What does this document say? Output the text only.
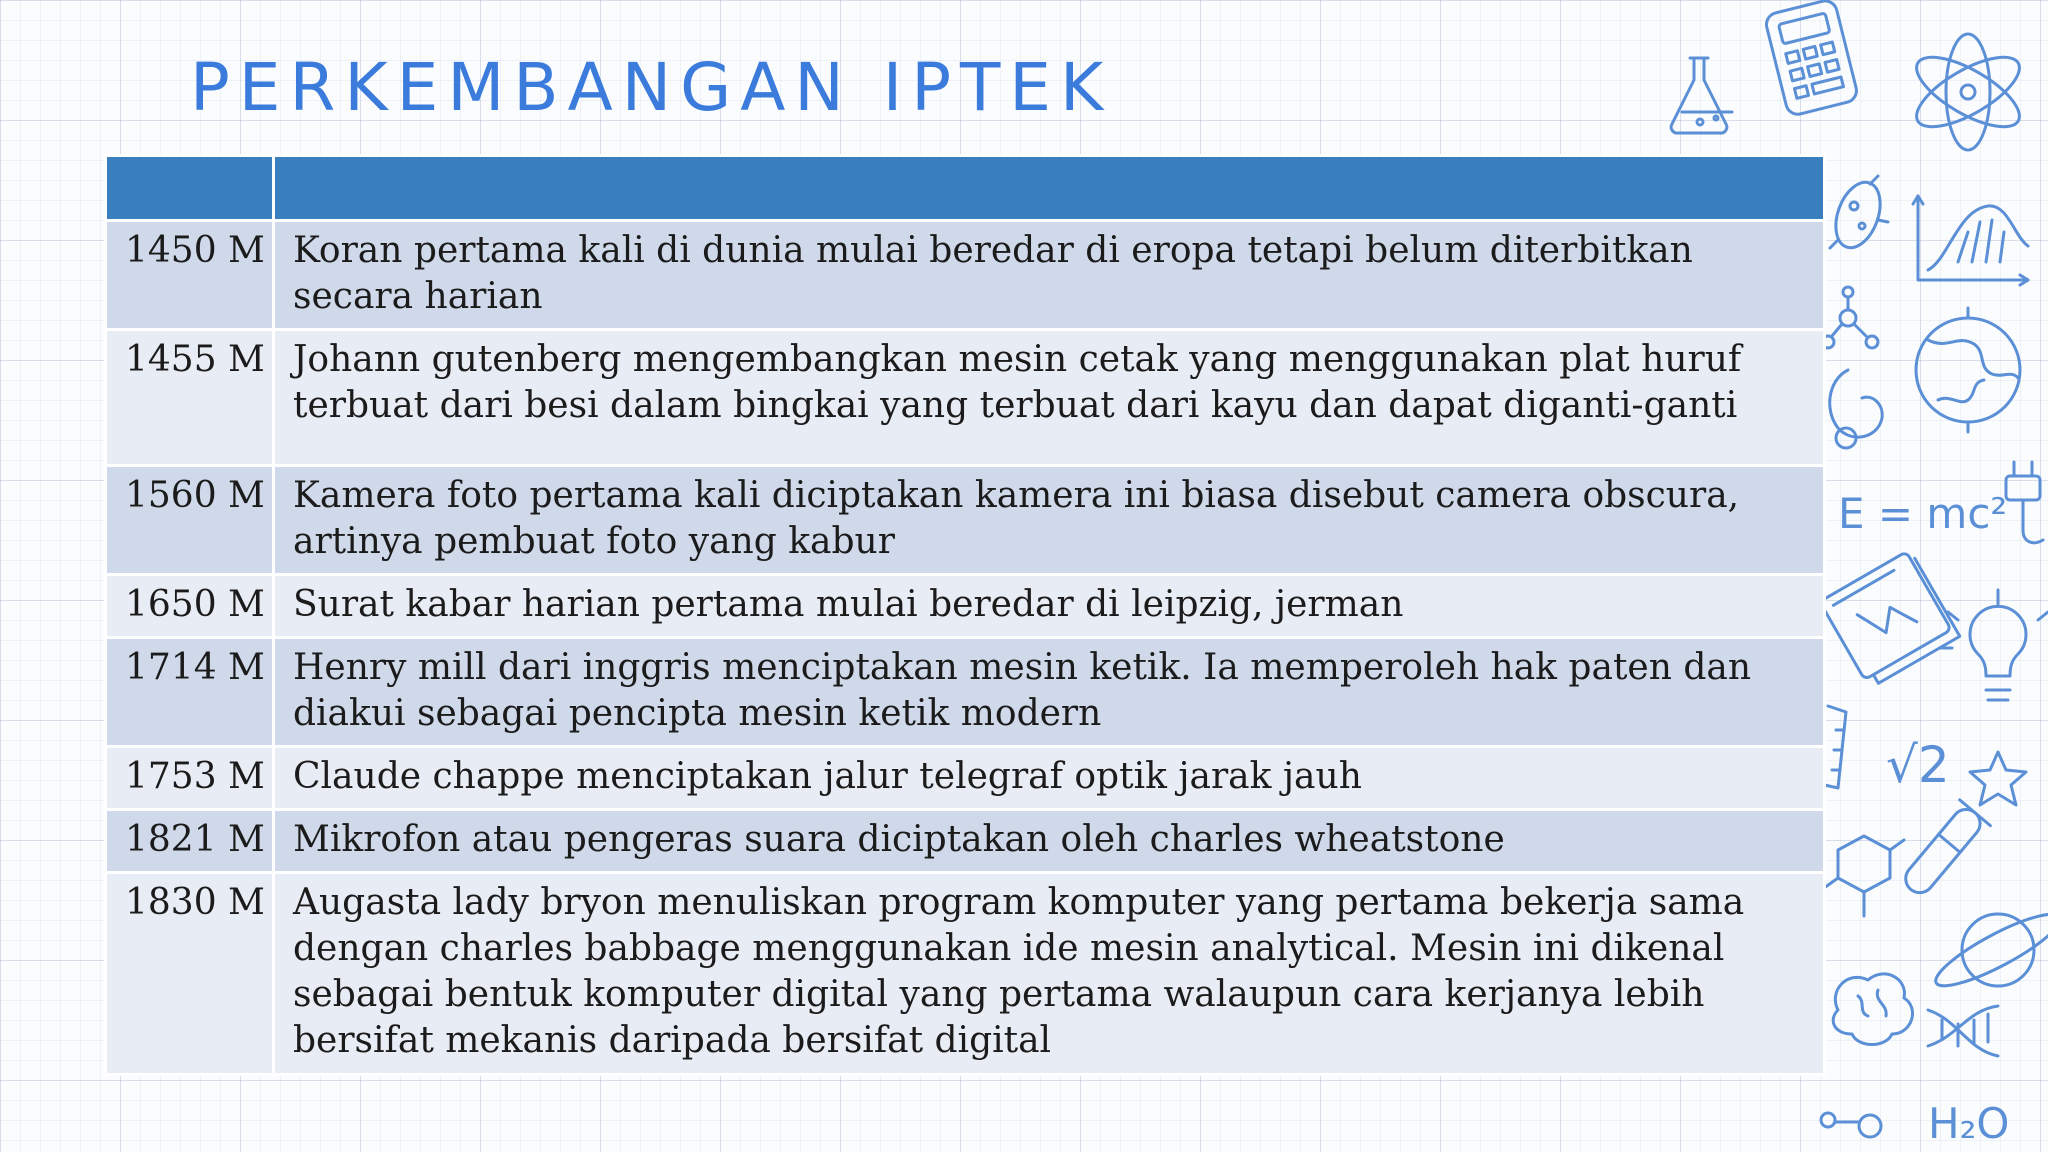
PERKEMBANGAN IPTEK
E = mc²
√2
H₂O

1450 M	Koran pertama kali di dunia mulai beredar di eropa tetapi belum diterbitkan secara harian
1455 M	Johann gutenberg mengembangkan mesin cetak yang menggunakan plat huruf terbuat dari besi dalam bingkai yang terbuat dari kayu dan dapat diganti-ganti
1560 M	Kamera foto pertama kali diciptakan kamera ini biasa disebut camera obscura, artinya pembuat foto yang kabur
1650 M	Surat kabar harian pertama mulai beredar di leipzig, jerman
1714 M	Henry mill dari inggris menciptakan mesin ketik. Ia memperoleh hak paten dan diakui sebagai pencipta mesin ketik modern
1753 M	Claude chappe menciptakan jalur telegraf optik jarak jauh
1821 M	Mikrofon atau pengeras suara diciptakan oleh charles wheatstone
1830 M	Augasta lady bryon menuliskan program komputer yang pertama bekerja sama dengan charles babbage menggunakan ide mesin analytical. Mesin ini dikenal sebagai bentuk komputer digital yang pertama walaupun cara kerjanya lebih bersifat mekanis daripada bersifat digital
